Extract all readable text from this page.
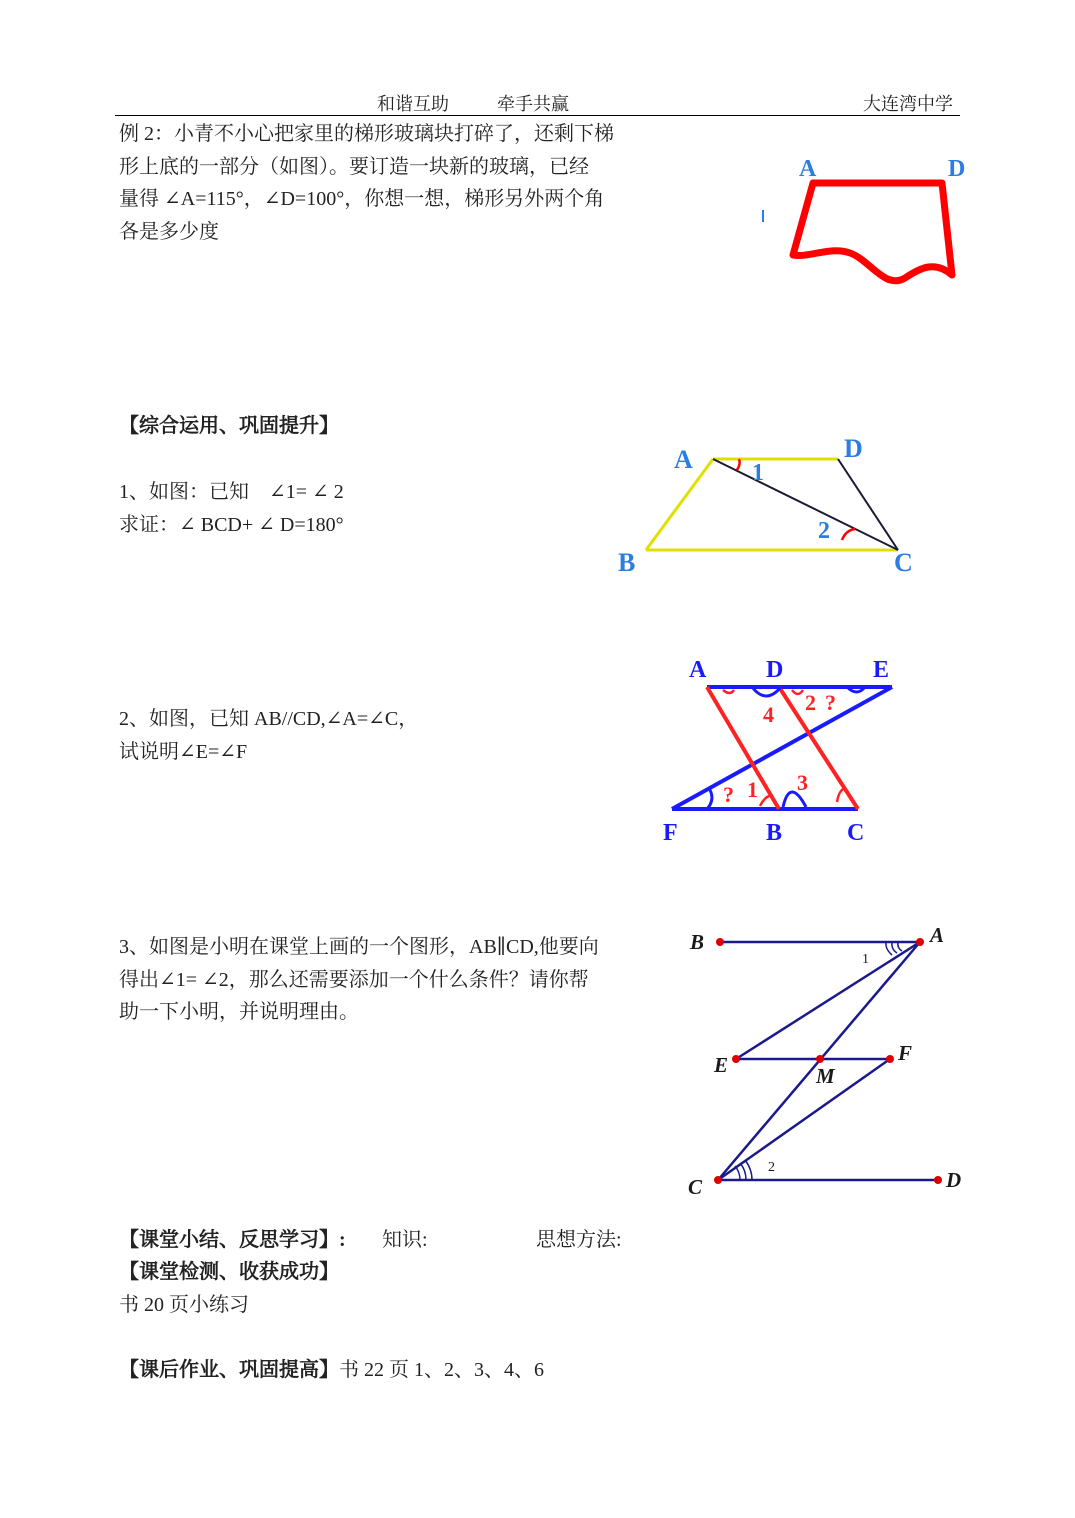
和谐互助	牵手共赢	大连湾中学
例 2：小青不小心把家里的梯形玻璃块打碎了，还剩下梯
形上底的一部分（如图）。要订造一块新的玻璃，已经
量得 ∠A=115°，∠D=100°，你想一想，梯形另外两个角
各是多少度
A	D
【综合运用、巩固提升】
1、如图：已知　∠1= ∠ 2
求证：∠ BCD+ ∠ D=180°
A	D
B	C
1
2
2、如图，已知 AB//CD,∠A=∠C，
试说明∠E=∠F
A D	E
F	B	C
4 2 ?
? 1 3
3、如图是小明在课堂上画的一个图形，AB∥CD,他要向
得出∠1= ∠2，那么还需要添加一个什么条件？请你帮
助一下小明，并说明理由。
B	A
1
E	M
F
C
2
D
【课堂小结、反思学习】: 知识:	思想方法:
【课堂检测、收获成功】
书 20 页小练习
【课后作业、巩固提高】书 22 页 1、2、3、4、6
